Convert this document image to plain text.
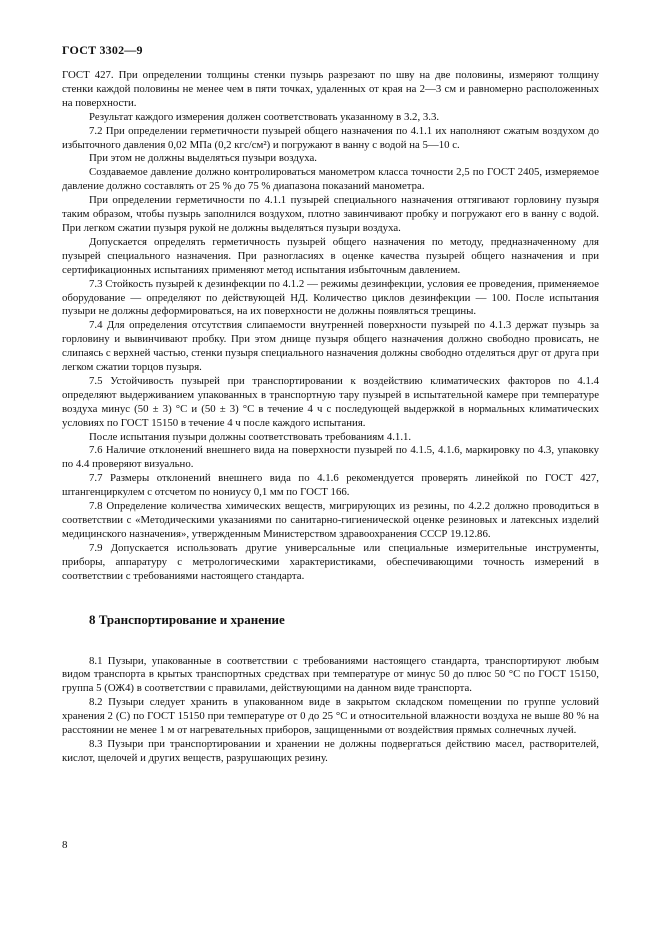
ГОСТ 3302—9

ГОСТ 427. При определении толщины стенки пузырь разрезают по шву на две половины, измеряют толщину стенки каждой половины не менее чем в пяти точках, удаленных от края на 2—3 см и равномерно расположенных на поверхности.

Результат каждого измерения должен соответствовать указанному в 3.2, 3.3.

7.2 При определении герметичности пузырей общего назначения по 4.1.1 их наполняют сжатым воздухом до избыточного давления 0,02 МПа (0,2 кгс/см²) и погружают в ванну с водой на 5—10 с.

При этом не должны выделяться пузыри воздуха.

Создаваемое давление должно контролироваться манометром класса точности 2,5 по ГОСТ 2405, измеряемое давление должно составлять от 25 % до 75 % диапазона показаний манометра.

При определении герметичности по 4.1.1 пузырей специального назначения оттягивают горловину пузыря таким образом, чтобы пузырь заполнился воздухом, плотно завинчивают пробку и погружают его в ванну с водой. При легком сжатии пузыря рукой не должны выделяться пузыри воздуха.

Допускается определять герметичность пузырей общего назначения по методу, предназначенному для пузырей специального назначения. При разногласиях в оценке качества пузырей общего назначения и при сертификационных испытаниях применяют метод испытания избыточным давлением.

7.3 Стойкость пузырей к дезинфекции по 4.1.2 — режимы дезинфекции, условия ее проведения, применяемое оборудование — определяют по действующей НД. Количество циклов дезинфекции — 100. После испытания пузыри не должны деформироваться, на их поверхности не должны появляться трещины.

7.4 Для определения отсутствия слипаемости внутренней поверхности пузырей по 4.1.3 держат пузырь за горловину и вывинчивают пробку. При этом днище пузыря общего назначения должно свободно провисать, не слипаясь с верхней частью, стенки пузыря специального назначения должны свободно отделяться друг от друга при легком сжатии торцов пузыря.

7.5 Устойчивость пузырей при транспортировании к воздействию климатических факторов по 4.1.4 определяют выдерживанием упакованных в транспортную тару пузырей в испытательной камере при температуре воздуха минус (50 ± 3) °С и (50 ± 3) °С в течение 4 ч с последующей выдержкой в нормальных климатических условиях по ГОСТ 15150 в течение 4 ч после каждого испытания.

После испытания пузыри должны соответствовать требованиям 4.1.1.

7.6 Наличие отклонений внешнего вида на поверхности пузырей по 4.1.5, 4.1.6, маркировку по 4.3, упаковку по 4.4 проверяют визуально.

7.7 Размеры отклонений внешнего вида по 4.1.6 рекомендуется проверять линейкой по ГОСТ 427, штангенциркулем с отсчетом по нониусу 0,1 мм по ГОСТ 166.

7.8 Определение количества химических веществ, мигрирующих из резины, по 4.2.2 должно проводиться в соответствии с «Методическими указаниями по санитарно-гигиенической оценке резиновых и латексных изделий медицинского назначения», утвержденным Министерством здравоохранения СССР 19.12.86.

7.9 Допускается использовать другие универсальные или специальные измерительные инструменты, приборы, аппаратуру с метрологическими характеристиками, обеспечивающими точность измерений в соответствии с требованиями настоящего стандарта.

8 Транспортирование и хранение

8.1 Пузыри, упакованные в соответствии с требованиями настоящего стандарта, транспортируют любым видом транспорта в крытых транспортных средствах при температуре от минус 50 до плюс 50 °С по ГОСТ 15150, группа 5 (ОЖ4) в соответствии с правилами, действующими на данном виде транспорта.

8.2 Пузыри следует хранить в упакованном виде в закрытом складском помещении по группе условий хранения 2 (С) по ГОСТ 15150 при температуре от 0 до 25 °С и относительной влажности воздуха не выше 80 % на расстоянии не менее 1 м от нагревательных приборов, защищенными от воздействия прямых солнечных лучей.

8.3 Пузыри при транспортировании и хранении не должны подвергаться действию масел, растворителей, кислот, щелочей и других веществ, разрушающих резину.

8
